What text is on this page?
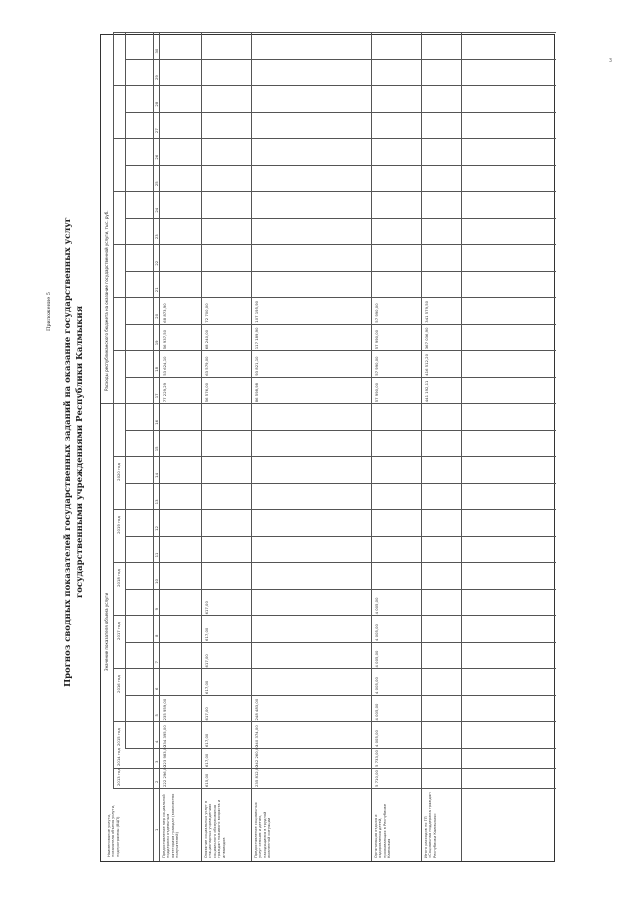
3
Приложение 5 Прогноз сводных показателей государственных заданий на оказание государственных услуг государственными учреждениями Республики Калмыкия
Наименование услуги, показателя объема услуги, подпрограммы (ВЦП)
Значение показателя объема услуги
Расходы республиканского бюджета на оказание государственной услуги, тыс. руб.
2013 год
2014 год
2015 год
2016 год
2017 год
2018 год
2019 год
2020 год
1
2
3
4
5
6
7
8
9
10
11
12
13
14
15
16
17
18
19
20
21
22
23
24
25
26
27
28
29
30
Предоставление мер социальной поддержки отдельным категориям граждан (количество получателей)
222 296,00
223 983,00
234 395,00
235 959,00
77 229,29
53 624,10
56 937,50
68 873,90
Оказание социальных услуг в стационарных учреждениях социального обслуживания граждан пожилого возраста и инвалидов
615,00
617,00
617,00
617,00
617,00
617,00
617,00
617,00
56 576,00
63 579,00
68 240,00
72 700,00
Предоставление социальных услуг семьям и детям, находящимся в трудной жизненной ситуации
235 812,00
242 260,00
240 374,00
248 483,00
86 598,98
93 821,10
117 189,90
107 195,90
Организация отдыха и оздоровления детей, проживающих в Республике Калмыкия
5 710,00
5 733,00
4 005,00
4 005,00
4 005,00
4 005,00
4 005,00
4 005,00
57 990,00
57 990,00
57 990,00
57 990,00
Итого расходов по ГП «Социальная поддержка граждан Республики Калмыкия»
441 192,11
416 512,20
367 036,90
341 579,50
